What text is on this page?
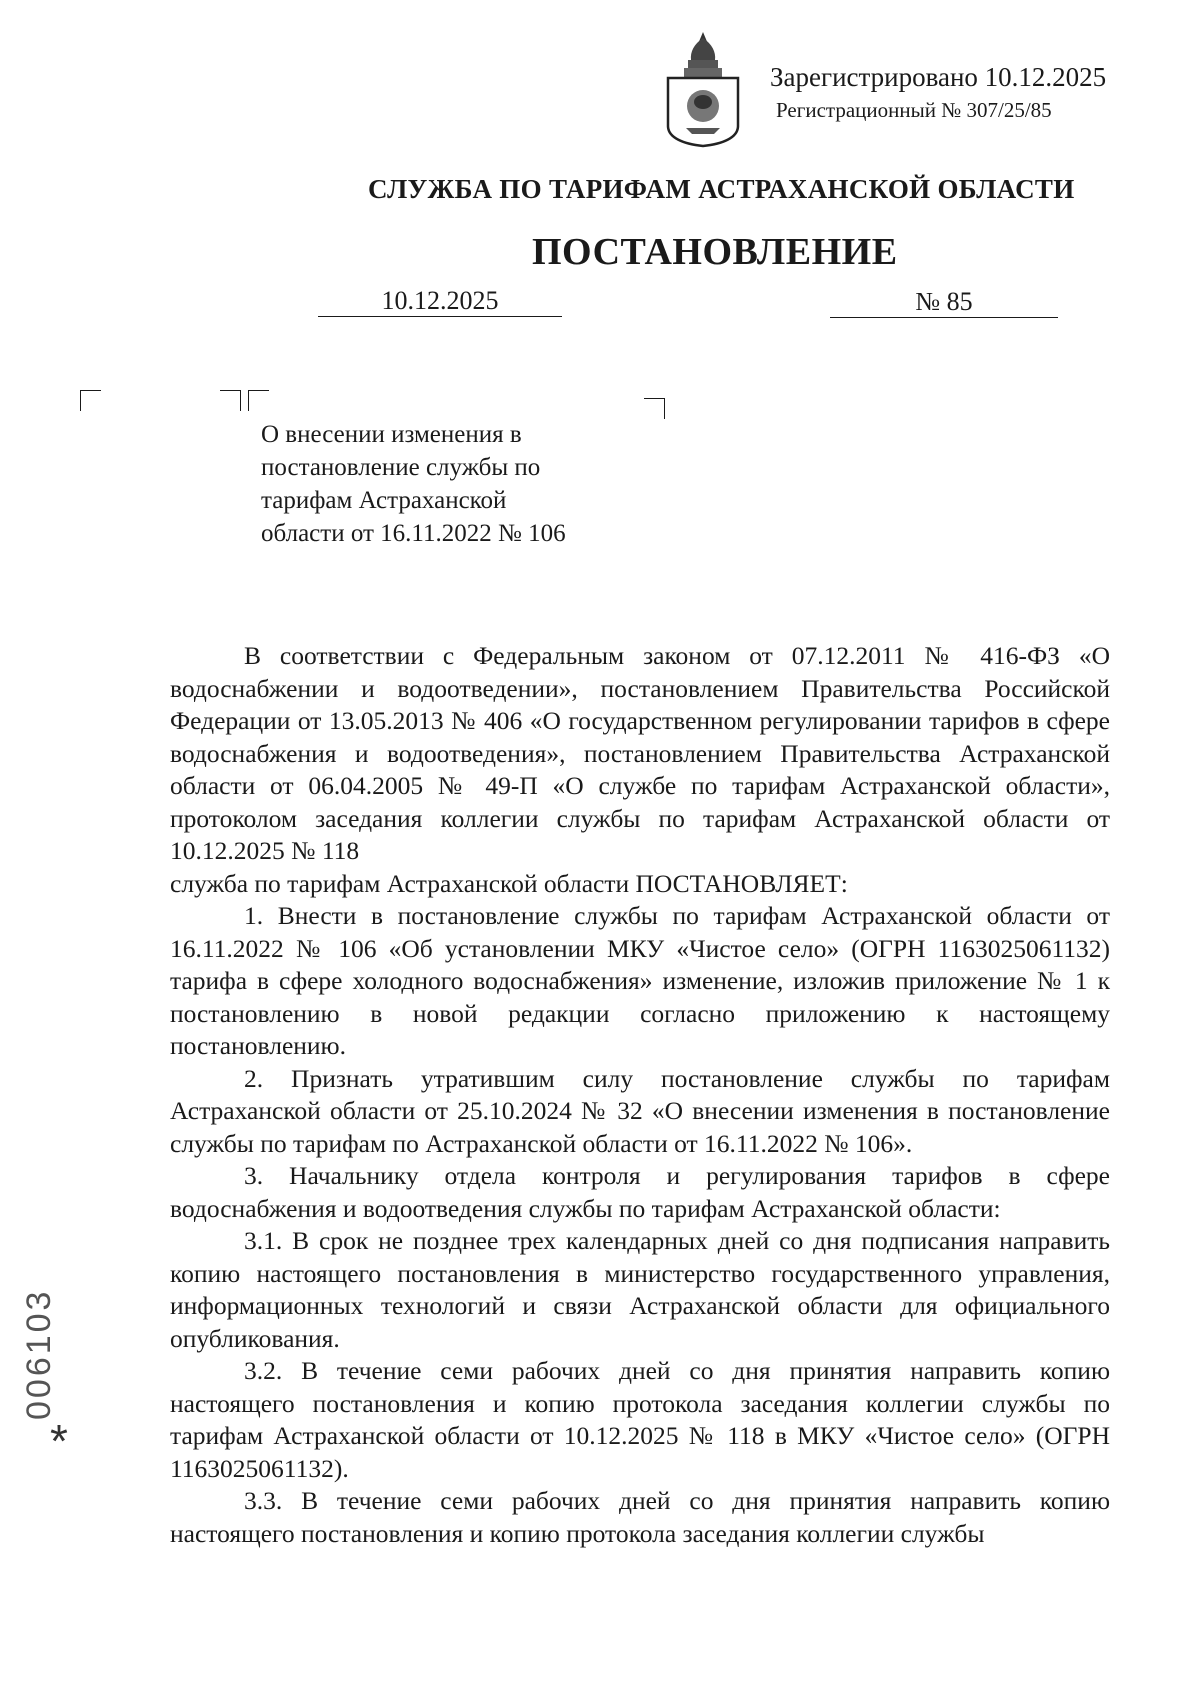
Зарегистрировано 10.12.2025
Регистрационный № 307/25/85
СЛУЖБА ПО ТАРИФАМ АСТРАХАНСКОЙ ОБЛАСТИ
ПОСТАНОВЛЕНИЕ
10.12.2025	№ 85
О внесении изменения в
постановление службы по
тарифам Астраханской
области от 16.11.2022 № 106

В соответствии с Федеральным законом от 07.12.2011 № 416-ФЗ «О водоснабжении и водоотведении», постановлением Правительства Российской Федерации от 13.05.2013 № 406 «О государственном регулировании тарифов в сфере водоснабжения и водоотведения», постановлением Правительства Астраханской области от 06.04.2005 № 49-П «О службе по тарифам Астраханской области», протоколом заседания коллегии службы по тарифам Астраханской области от 10.12.2025 № 118

служба по тарифам Астраханской области ПОСТАНОВЛЯЕТ:

1. Внести в постановление службы по тарифам Астраханской области от 16.11.2022 № 106 «Об установлении МКУ «Чистое село» (ОГРН 1163025061132) тарифа в сфере холодного водоснабжения» изменение, изложив приложение № 1 к постановлению в новой редакции согласно приложению к настоящему постановлению.

2. Признать утратившим силу постановление службы по тарифам Астраханской области от 25.10.2024 № 32 «О внесении изменения в постановление службы по тарифам по Астраханской области от 16.11.2022 № 106».

3. Начальнику отдела контроля и регулирования тарифов в сфере водоснабжения и водоотведения службы по тарифам Астраханской области:

3.1. В срок не позднее трех календарных дней со дня подписания направить копию настоящего постановления в министерство государственного управления, информационных технологий и связи Астраханской области для официального опубликования.

3.2. В течение семи рабочих дней со дня принятия направить копию настоящего постановления и копию протокола заседания коллегии службы по тарифам Астраханской области от 10.12.2025 № 118 в МКУ «Чистое село» (ОГРН 1163025061132).

3.3. В течение семи рабочих дней со дня принятия направить копию настоящего постановления и копию протокола заседания коллегии службы

*
006103
